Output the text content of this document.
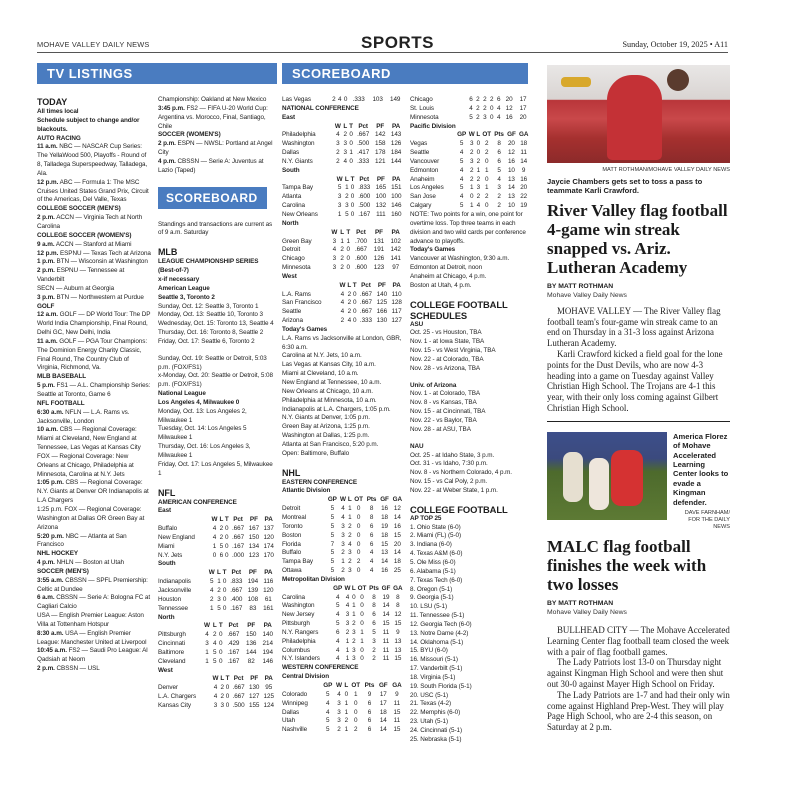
MOHAVE VALLEY DAILY NEWS	SPORTS	Sunday, October 19, 2025 • A11
TV LISTINGS	SCOREBOARD
TODAY
All times local
Schedule subject to change and/or blackouts.
AUTO RACING
11 a.m. NBC — NASCAR Cup Series: The YellaWood 500, Playoffs - Round of 8, Talladega Superspeedway, Talladega, Ala.
12 p.m. ABC — Formula 1: The MSC Cruises United States Grand Prix, Circuit of the Americas, Del Valle, Texas
COLLEGE SOCCER (MEN'S)
2 p.m. ACCN — Virginia Tech at North Carolina
COLLEGE SOCCER (WOMEN'S)
9 a.m. ACCN — Stanford at Miami
12 p.m. ESPNU — Texas Tech at Arizona
1 p.m. BTN — Wisconsin at Washington
2 p.m. ESPNU — Tennessee at Vanderbilt
SECN — Auburn at Georgia
3 p.m. BTN — Northwestern at Purdue
GOLF
12 a.m. GOLF — DP World Tour: The DP World India Championship, Final Round, Delhi GC, New Delhi, India
11 a.m. GOLF — PGA Tour Champions: The Dominion Energy Charity Classic, Final Round, The Country Club of Virginia, Richmond, Va.
MLB BASEBALL
5 p.m. FS1 — A.L. Championship Series: Seattle at Toronto, Game 6
NFL FOOTBALL
6:30 a.m. NFLN — L.A. Rams vs. Jacksonville, London
10 a.m. CBS — Regional Coverage: Miami at Cleveland, New England at Tennessee, Las Vegas at Kansas City
FOX — Regional Coverage: New Orleans at Chicago, Philadelphia at Minnesota, Carolina at N.Y. Jets
1:05 p.m. CBS — Regional Coverage: N.Y. Giants at Denver OR Indianapolis at L.A Chargers
1:25 p.m. FOX — Regional Coverage: Washington at Dallas OR Green Bay at Arizona
5:20 p.m. NBC — Atlanta at San Francisco
NHL HOCKEY
4 p.m. NHLN — Boston at Utah
SOCCER (MEN'S)
3:55 a.m. CBSSN — SPFL Premiership: Celtic at Dundee
6 a.m. CBSSN — Serie A: Bologna FC at Cagliari Calcio
USA — English Premier League: Aston Villa at Tottenham Hotspur
8:30 a.m. USA — English Premier League: Manchester United at Liverpool
10:45 a.m. FS2 — Saudi Pro League: Al Qadsiah at Neom
2 p.m. CBSSN — USL
Championship: Oakland at New Mexico
3:45 p.m. FS2 — FIFA U-20 World Cup: Argentina vs. Morocco, Final, Santiago, Chile
SOCCER (WOMEN'S)
2 p.m. ESPN — NWSL: Portland at Angel City
4 p.m. CBSSN — Serie A: Juventus at Lazio (Taped)
SCOREBOARD
Standings and transactions are current as of 9 a.m. Saturday
MLB
LEAGUE CHAMPIONSHIP SERIES
(Best-of-7)
x-if necessary
American League
Seattle 3, Toronto 2
Sunday, Oct. 12: Seattle 3, Toronto 1
Monday, Oct. 13: Seattle 10, Toronto 3
Wednesday, Oct. 15: Toronto 13, Seattle 4
Thursday, Oct. 16: Toronto 8, Seattle 2
Friday, Oct. 17: Seattle 6, Toronto 2
Sunday, Oct. 19: Seattle or Detroit, 5:03 p.m. (FOX/FS1)
x-Monday, Oct. 20: Seattle or Detroit, 5:08 p.m. (FOX/FS1)
National League
Los Angeles 4, Milwaukee 0
Monday, Oct. 13: Los Angeles 2, Milwaukee 1
Tuesday, Oct. 14: Los Angeles 5 Milwaukee 1
Thursday, Oct. 16: Los Angeles 3, Milwaukee 1
Friday, Oct. 17: Los Angeles 5, Milwaukee 1
NFL
AMERICAN CONFERENCE
East
	W	L	T	Pct	PF	PA
Buffalo	4	2	0	.667	167	137
New England	4	2	0	.667	150	120
Miami	1	5	0	.167	134	174
N.Y. Jets	0	6	0	.000	123	170
South
	W	L	T	Pct	PF	PA
Indianapolis	5	1	0	.833	194	116
Jacksonville	4	2	0	.667	139	120
Houston	2	3	0	.400	108	61
Tennessee	1	5	0	.167	83	161
North
	W	L	T	Pct	PF	PA
Pittsburgh	4	2	0	.667	150	140
Cincinnati	3	4	0	.429	136	214
Baltimore	1	5	0	.167	144	194
Cleveland	1	5	0	.167	82	146
West
	W	L	T	Pct	PF	PA
Denver	4	2	0	.667	130	95
L.A. Chargers	4	2	0	.667	127	125
Kansas City	3	3	0	.500	155	124
Las Vegas	2	4	0	.333	103	149
NATIONAL CONFERENCE
East
	W	L	T	Pct	PF	PA
Philadelphia	4	2	0	.667	142	143
Washington	3	3	0	.500	158	126
Dallas	2	3	1	.417	178	184
N.Y. Giants	2	4	0	.333	121	144
South
	W	L	T	Pct	PF	PA
Tampa Bay	5	1	0	.833	165	151
Atlanta	3	2	0	.600	100	100
Carolina	3	3	0	.500	132	146
New Orleans	1	5	0	.167	111	160
North
	W	L	T	Pct	PF	PA
Green Bay	3	1	1	.700	131	102
Detroit	4	2	0	.667	191	142
Chicago	3	2	0	.600	126	141
Minnesota	3	2	0	.600	123	97
West
	W	L	T	Pct	PF	PA
L.A. Rams	4	2	0	.667	140	110
San Francisco	4	2	0	.667	125	128
Seattle	4	2	0	.667	166	117
Arizona	2	4	0	.333	130	127
Today's Games
L.A. Rams vs Jacksonville at London, GBR, 6:30 a.m.
Carolina at N.Y. Jets, 10 a.m.
Las Vegas at Kansas City, 10 a.m.
Miami at Cleveland, 10 a.m.
New England at Tennessee, 10 a.m.
New Orleans at Chicago, 10 a.m.
Philadelphia at Minnesota, 10 a.m.
Indianapolis at L.A. Chargers, 1:05 p.m.
N.Y. Giants at Denver, 1:05 p.m.
Green Bay at Arizona, 1:25 p.m.
Washington at Dallas, 1:25 p.m.
Atlanta at San Francisco, 5:20 p.m.
Open: Baltimore, Buffalo
NHL
EASTERN CONFERENCE
Atlantic Division
	GP	W	L	OT	Pts	GF	GA
Detroit	5	4	1	0	8	16	12
Montreal	5	4	1	0	8	18	14
Toronto	5	3	2	0	6	19	16
Boston	5	3	2	0	6	18	15
Florida	7	3	4	0	6	15	20
Buffalo	5	2	3	0	4	13	14
Tampa Bay	5	1	2	2	4	14	18
Ottawa	5	2	3	0	4	16	25
Metropolitan Division
	GP	W	L	OT	Pts	GF	GA
Carolina	4	4	0	0	8	19	8
Washington	5	4	1	0	8	14	8
New Jersey	4	3	1	0	6	14	12
Pittsburgh	5	3	2	0	6	15	15
N.Y. Rangers	6	2	3	1	5	11	9
Philadelphia	4	1	2	1	3	11	13
Columbus	4	1	3	0	2	11	13
N.Y. Islanders	4	1	3	0	2	11	15
WESTERN CONFERENCE
Central Division
	GP	W	L	OT	Pts	GF	GA
Colorado	5	4	0	1	9	17	9
Winnipeg	4	3	1	0	6	17	11
Dallas	4	3	1	0	6	18	15
Utah	5	3	2	0	6	14	11
Nashville	5	2	1	2	6	14	15
Chicago	6	2	2	2	6	20	17
St. Louis	4	2	2	0	4	12	17
Minnesota	5	2	3	0	4	16	20
Pacific Division
	GP	W	L	OT	Pts	GF	GA
Vegas	5	3	0	2	8	20	18
Seattle	4	2	0	2	6	12	11
Vancouver	5	3	2	0	6	16	14
Edmonton	4	2	1	1	5	10	9
Anaheim	4	2	2	0	4	13	16
Los Angeles	5	1	3	1	3	14	20
San Jose	4	0	2	2	2	13	22
Calgary	5	1	4	0	2	10	19
NOTE: Two points for a win, one point for overtime loss. Top three teams in each division and two wild cards per conference advance to playoffs.
Today's Games
Vancouver at Washington, 9:30 a.m.
Edmonton at Detroit, noon
Anaheim at Chicago, 4 p.m.
Boston at Utah, 4 p.m.
COLLEGE FOOTBALL SCHEDULES
ASU
Oct. 25 - vs Houston, TBA
Nov. 1 - at Iowa State, TBA
Nov. 15 - vs West Virginia, TBA
Nov. 22 - at Colorado, TBA
Nov. 28 - vs Arizona, TBA
Univ. of Arizona
Nov. 1 - at Colorado, TBA
Nov. 8 - vs Kansas, TBA
Nov. 15 - at Cincinnati, TBA
Nov. 22 - vs Baylor, TBA
Nov. 28 - at ASU, TBA
NAU
Oct. 25 - at Idaho State, 3 p.m.
Oct. 31 - vs Idaho, 7:30 p.m.
Nov. 8 - vs Northern Colorado, 4 p.m.
Nov. 15 - vs Cal Poly, 2 p.m.
Nov. 22 - at Weber State, 1 p.m.
COLLEGE FOOTBALL
AP TOP 25
1. Ohio State (6-0)
2. Miami (FL) (5-0)
3. Indiana (6-0)
4. Texas A&M (6-0)
5. Ole Miss (6-0)
6. Alabama (5-1)
7. Texas Tech (6-0)
8. Oregon (5-1)
9. Georgia (5-1)
10. LSU (5-1)
11. Tennessee (5-1)
12. Georgia Tech (6-0)
13. Notre Dame (4-2)
14. Oklahoma (5-1)
15. BYU (6-0)
16. Missouri (5-1)
17. Vanderbilt (5-1)
18. Virginia (5-1)
19. South Florida (5-1)
20. USC (5-1)
21. Texas (4-2)
22. Memphis (6-0)
23. Utah (5-1)
24. Cincinnati (5-1)
25. Nebraska (5-1)
MATT ROTHMAN/MOHAVE VALLEY DAILY NEWS
Jaycie Chambers gets set to toss a pass to teammate Karli Crawford.
River Valley flag football 4-game win streak snapped vs. Ariz. Lutheran Academy
BY MATT ROTHMAN
Mohave Valley Daily News

MOHAVE VALLEY — The River Valley flag football team's four-game win streak came to an end on Thursday in a 31-3 loss against Arizona Lutheran Academy.

Karli Crawford kicked a field goal for the lone points for the Dust Devils, who are now 4-3 heading into a game on Tuesday against Valley Christian High School. The Trojans are 4-1 this year, with their only loss coming against Gilbert Christian High School.

America Florez of Mohave Accelerated Learning Center looks to evade a Kingman defender.
DAVE FARNHAM/ FOR THE DAILY NEWS
MALC flag football finishes the week with two losses
BY MATT ROTHMAN
Mohave Valley Daily News

BULLHEAD CITY — The Mohave Accelerated Learning Center flag football team closed the week with a pair of flag football games.

The Lady Patriots lost 13-0 on Thursday night against Kingman High School and were then shut out 30-0 against Mayer High School on Friday.

The Lady Patriots are 1-7 and had their only win come against Highland Prep-West. They will play Page High School, who are 2-4 this season, on Saturday at 2 p.m.
